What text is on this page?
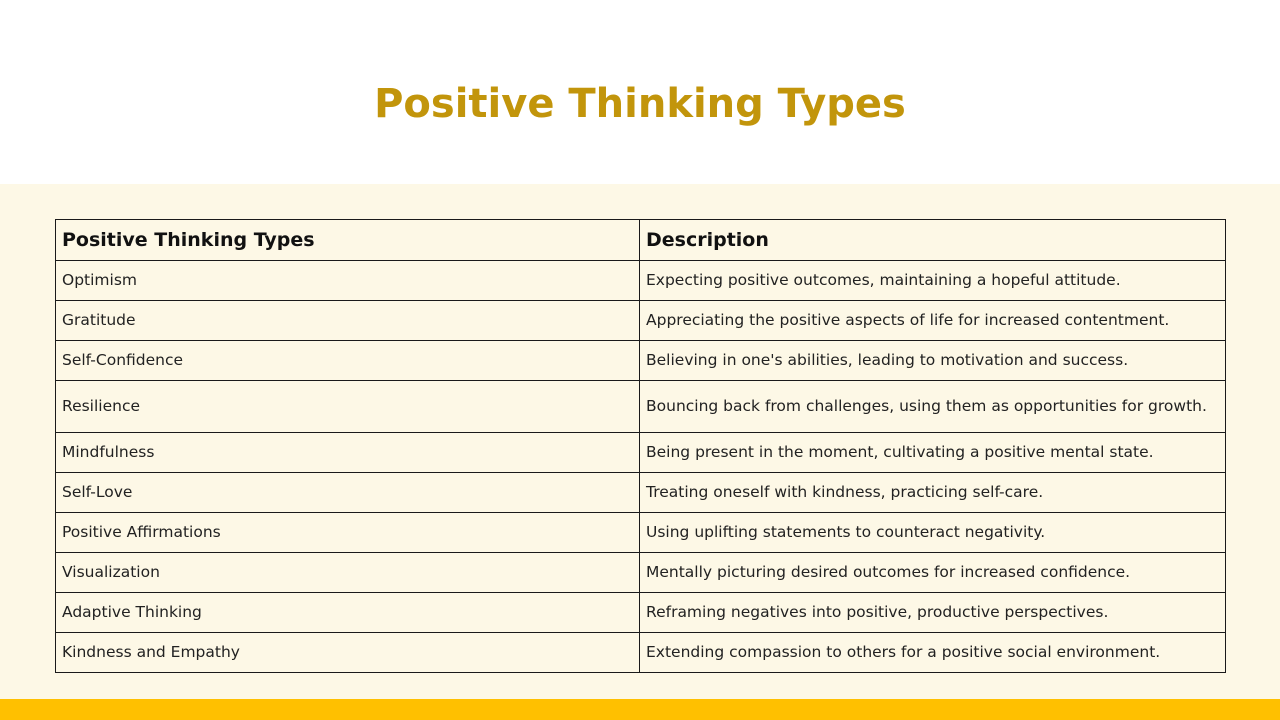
Positive Thinking Types
Positive Thinking Types	Description
Optimism	Expecting positive outcomes, maintaining a hopeful attitude.
Gratitude	Appreciating the positive aspects of life for increased contentment.
Self-Confidence	Believing in one's abilities, leading to motivation and success.
Resilience	Bouncing back from challenges, using them as opportunities for growth.
Mindfulness	Being present in the moment, cultivating a positive mental state.
Self-Love	Treating oneself with kindness, practicing self-care.
Positive Affirmations	Using uplifting statements to counteract negativity.
Visualization	Mentally picturing desired outcomes for increased confidence.
Adaptive Thinking	Reframing negatives into positive, productive perspectives.
Kindness and Empathy	Extending compassion to others for a positive social environment.
